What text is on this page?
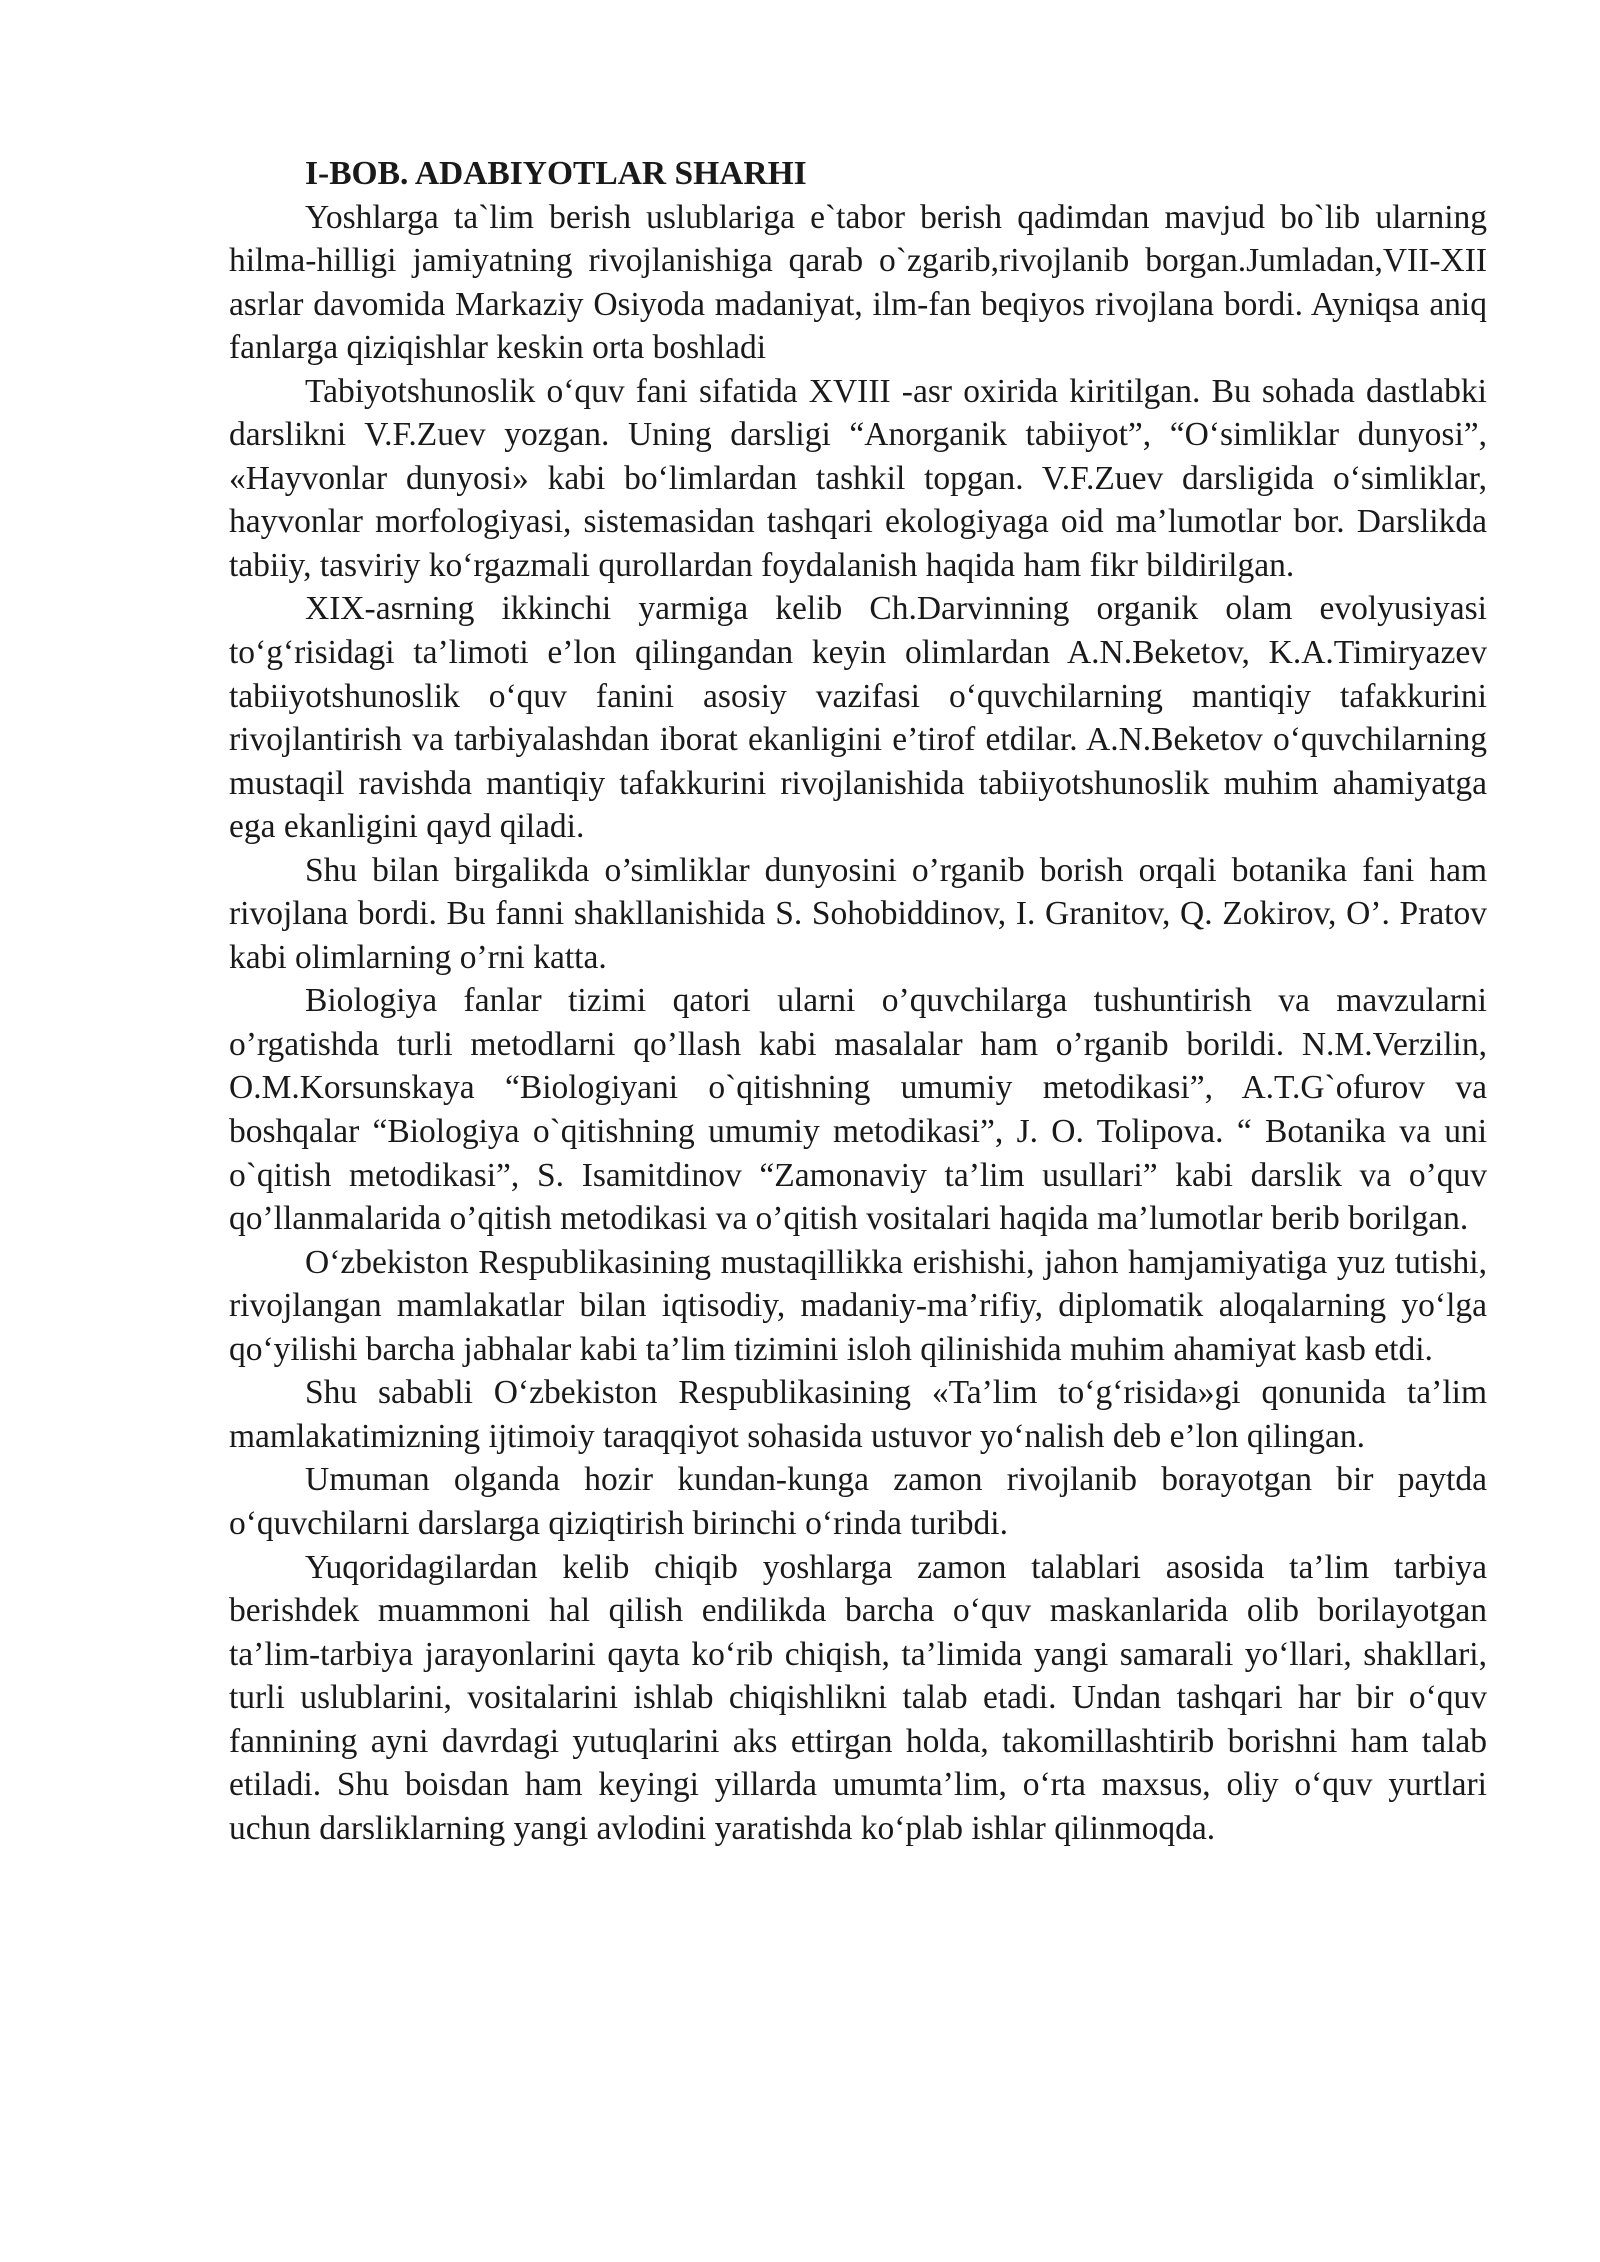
I-BOB. ADABIYOTLAR SHARHI

Yoshlarga ta`lim berish uslublariga e`tabor berish qadimdan mavjud bo`lib ularning hilma-hilligi jamiyatning rivojlanishiga qarab o`zgarib,rivojlanib borgan.Jumladan,VII-XII asrlar davomida Markaziy Osiyoda madaniyat, ilm-fan beqiyos rivojlana bordi. Ayniqsa aniq fanlarga qiziqishlar keskin orta boshladi

Tabiyotshunoslik o‘quv fani sifatida XVIII -asr oxirida kiritilgan. Bu sohada dastlabki darslikni V.F.Zuev yozgan. Uning darsligi “Anorganik tabiiyot”, “O‘simliklar dunyosi”, «Hayvonlar dunyosi» kabi bo‘limlardan tashkil topgan. V.F.Zuev darsligida o‘simliklar, hayvonlar morfologiyasi, sistemasidan tashqari ekologiyaga oid ma’lumotlar bor. Darslikda tabiiy, tasviriy ko‘rgazmali qurollardan foydalanish haqida ham fikr bildirilgan.

XIX-asrning ikkinchi yarmiga kelib Ch.Darvinning organik olam evolyusiyasi to‘g‘risidagi ta’limoti e’lon qilingandan keyin olimlardan A.N.Beketov, K.A.Timiryazev tabiiyotshunoslik o‘quv fanini asosiy vazifasi o‘quvchilarning mantiqiy tafakkurini rivojlantirish va tarbiyalashdan iborat ekanligini e’tirof etdilar. A.N.Beketov o‘quvchilarning mustaqil ravishda mantiqiy tafakkurini rivojlanishida tabiiyotshunoslik muhim ahamiyatga ega ekanligini qayd qiladi.

Shu bilan birgalikda o’simliklar dunyosini o’rganib borish orqali botanika fani ham rivojlana bordi. Bu fanni shakllanishida S. Sohobiddinov, I. Granitov, Q. Zokirov, O’. Pratov kabi olimlarning o’rni katta.

Biologiya fanlar tizimi qatori ularni o’quvchilarga tushuntirish va mavzularni o’rgatishda turli metodlarni qo’llash kabi masalalar ham o’rganib borildi. N.M.Verzilin, O.M.Korsunskaya “Biologiyani o`qitishning umumiy metodikasi”, A.T.G`ofurov va boshqalar “Biologiya o`qitishning umumiy metodikasi”, J. O. Tolipova. “ Botanika va uni o`qitish metodikasi”, S. Isamitdinov “Zamonaviy ta’lim usullari” kabi darslik va o’quv qo’llanmalarida o’qitish metodikasi va o’qitish vositalari haqida ma’lumotlar berib borilgan.

O‘zbekiston Respublikasining mustaqillikka erishishi, jahon hamjamiyatiga yuz tutishi, rivojlangan mamlakatlar bilan iqtisodiy, madaniy-ma’rifiy, diplomatik aloqalarning yo‘lga qo‘yilishi barcha jabhalar kabi ta’lim tizimini isloh qilinishida muhim ahamiyat kasb etdi.

Shu sababli O‘zbekiston Respublikasining «Ta’lim to‘g‘risida»gi qonunida ta’lim mamlakatimizning ijtimoiy taraqqiyot sohasida ustuvor yo‘nalish deb e’lon qilingan.

Umuman olganda hozir kundan-kunga zamon rivojlanib borayotgan bir paytda o‘quvchilarni darslarga qiziqtirish birinchi o‘rinda turibdi.

Yuqoridagilardan kelib chiqib yoshlarga zamon talablari asosida ta’lim tarbiya berishdek muammoni hal qilish endilikda barcha o‘quv maskanlarida olib borilayotgan ta’lim-tarbiya jarayonlarini qayta ko‘rib chiqish, ta’limida yangi samarali yo‘llari, shakllari, turli uslublarini, vositalarini ishlab chiqishlikni talab etadi. Undan tashqari har bir o‘quv fannining ayni davrdagi yutuqlarini aks ettirgan holda, takomillashtirib borishni ham talab etiladi. Shu boisdan ham keyingi yillarda umumta’lim, o‘rta maxsus, oliy o‘quv yurtlari uchun darsliklarning yangi avlodini yaratishda ko‘plab ishlar qilinmoqda.
